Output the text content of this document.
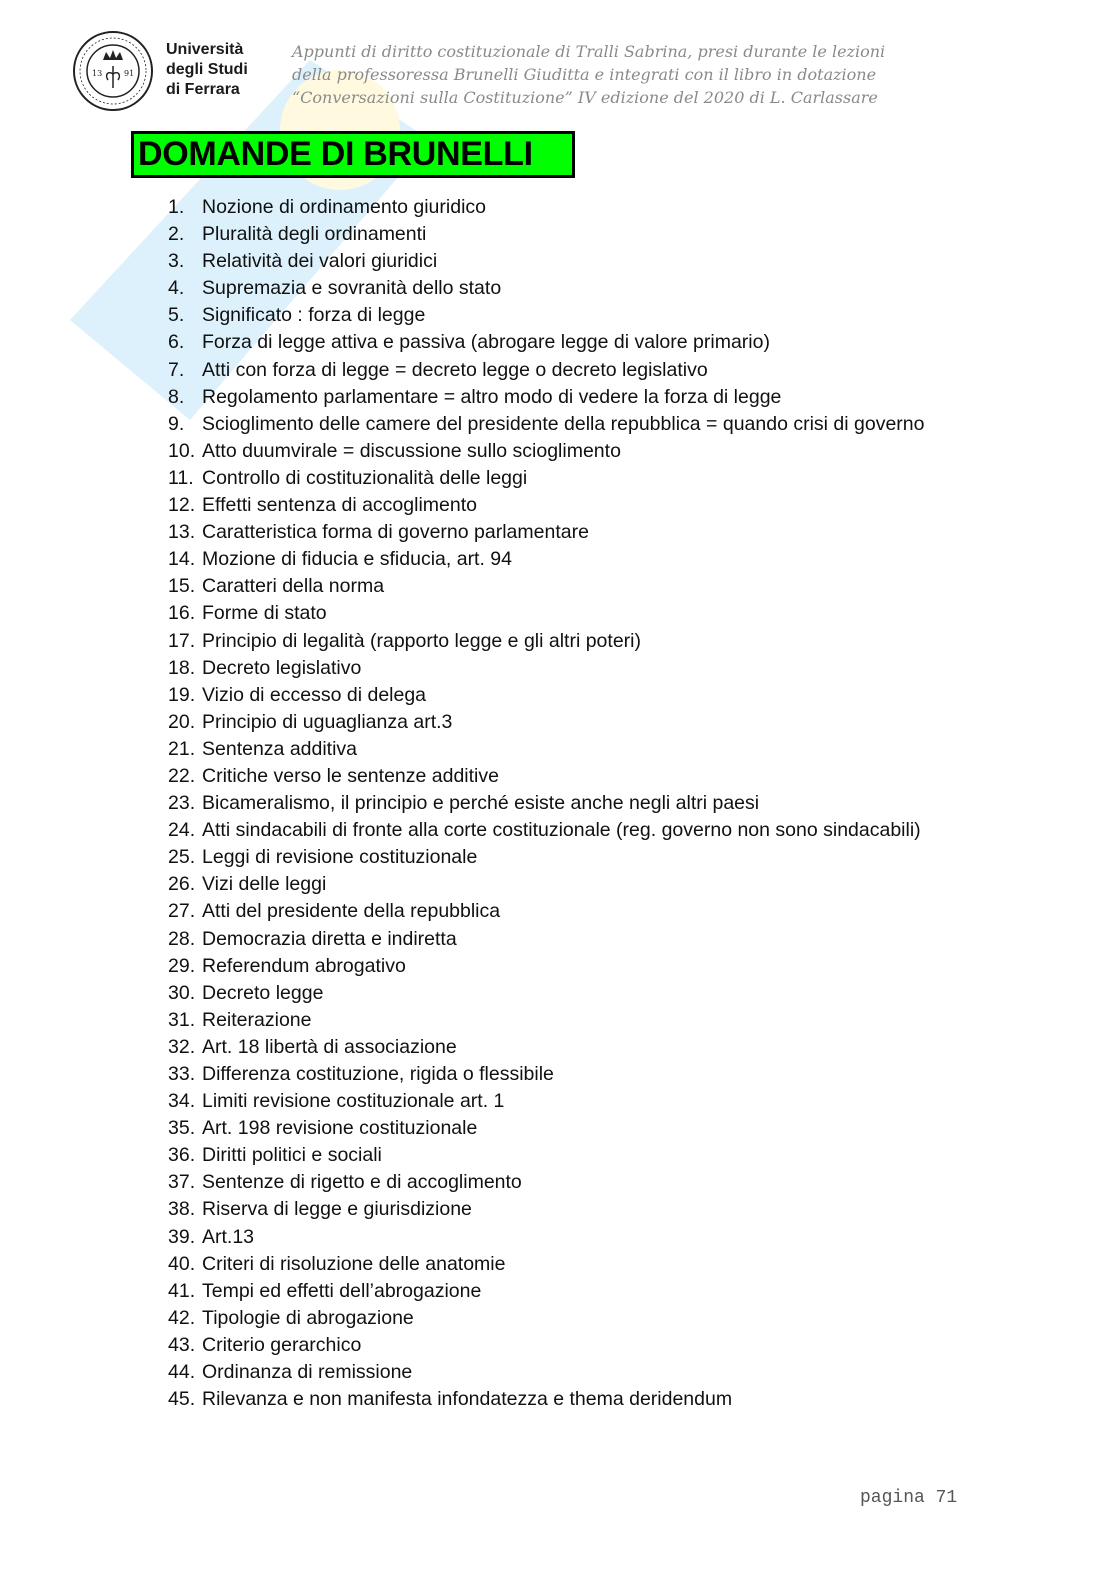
13	91
Università
degli Studi
di Ferrara
Appunti di diritto costituzionale di Tralli Sabrina, presi durante le lezioni
della professoressa Brunelli Giuditta e integrati con il libro in dotazione
“Conversazioni sulla Costituzione” IV edizione del 2020 di L. Carlassare
DOMANDE DI BRUNELLI
1. Nozione di ordinamento giuridico
2. Pluralità degli ordinamenti
3. Relatività dei valori giuridici
4. Supremazia e sovranità dello stato
5. Significato : forza di legge
6. Forza di legge attiva e passiva (abrogare legge di valore primario)
7. Atti con forza di legge = decreto legge o decreto legislativo
8. Regolamento parlamentare = altro modo di vedere la forza di legge
9. Scioglimento delle camere del presidente della repubblica = quando crisi di governo
10. Atto duumvirale = discussione sullo scioglimento
11. Controllo di costituzionalità delle leggi
12. Effetti sentenza di accoglimento
13. Caratteristica forma di governo parlamentare
14. Mozione di fiducia e sfiducia, art. 94
15. Caratteri della norma
16. Forme di stato
17. Principio di legalità (rapporto legge e gli altri poteri)
18. Decreto legislativo
19. Vizio di eccesso di delega
20. Principio di uguaglianza art.3
21. Sentenza additiva
22. Critiche verso le sentenze additive
23. Bicameralismo, il principio e perché esiste anche negli altri paesi
24. Atti sindacabili di fronte alla corte costituzionale (reg. governo non sono sindacabili)
25. Leggi di revisione costituzionale
26. Vizi delle leggi
27. Atti del presidente della repubblica
28. Democrazia diretta e indiretta
29. Referendum abrogativo
30. Decreto legge
31. Reiterazione
32. Art. 18 libertà di associazione
33. Differenza costituzione, rigida o flessibile
34. Limiti revisione costituzionale art. 1
35. Art. 198 revisione costituzionale
36. Diritti politici e sociali
37. Sentenze di rigetto e di accoglimento
38. Riserva di legge e giurisdizione
39. Art.13
40. Criteri di risoluzione delle anatomie
41. Tempi ed effetti dell’abrogazione
42. Tipologie di abrogazione
43. Criterio gerarchico
44. Ordinanza di remissione
45. Rilevanza e non manifesta infondatezza e thema deridendum
pagina 71
